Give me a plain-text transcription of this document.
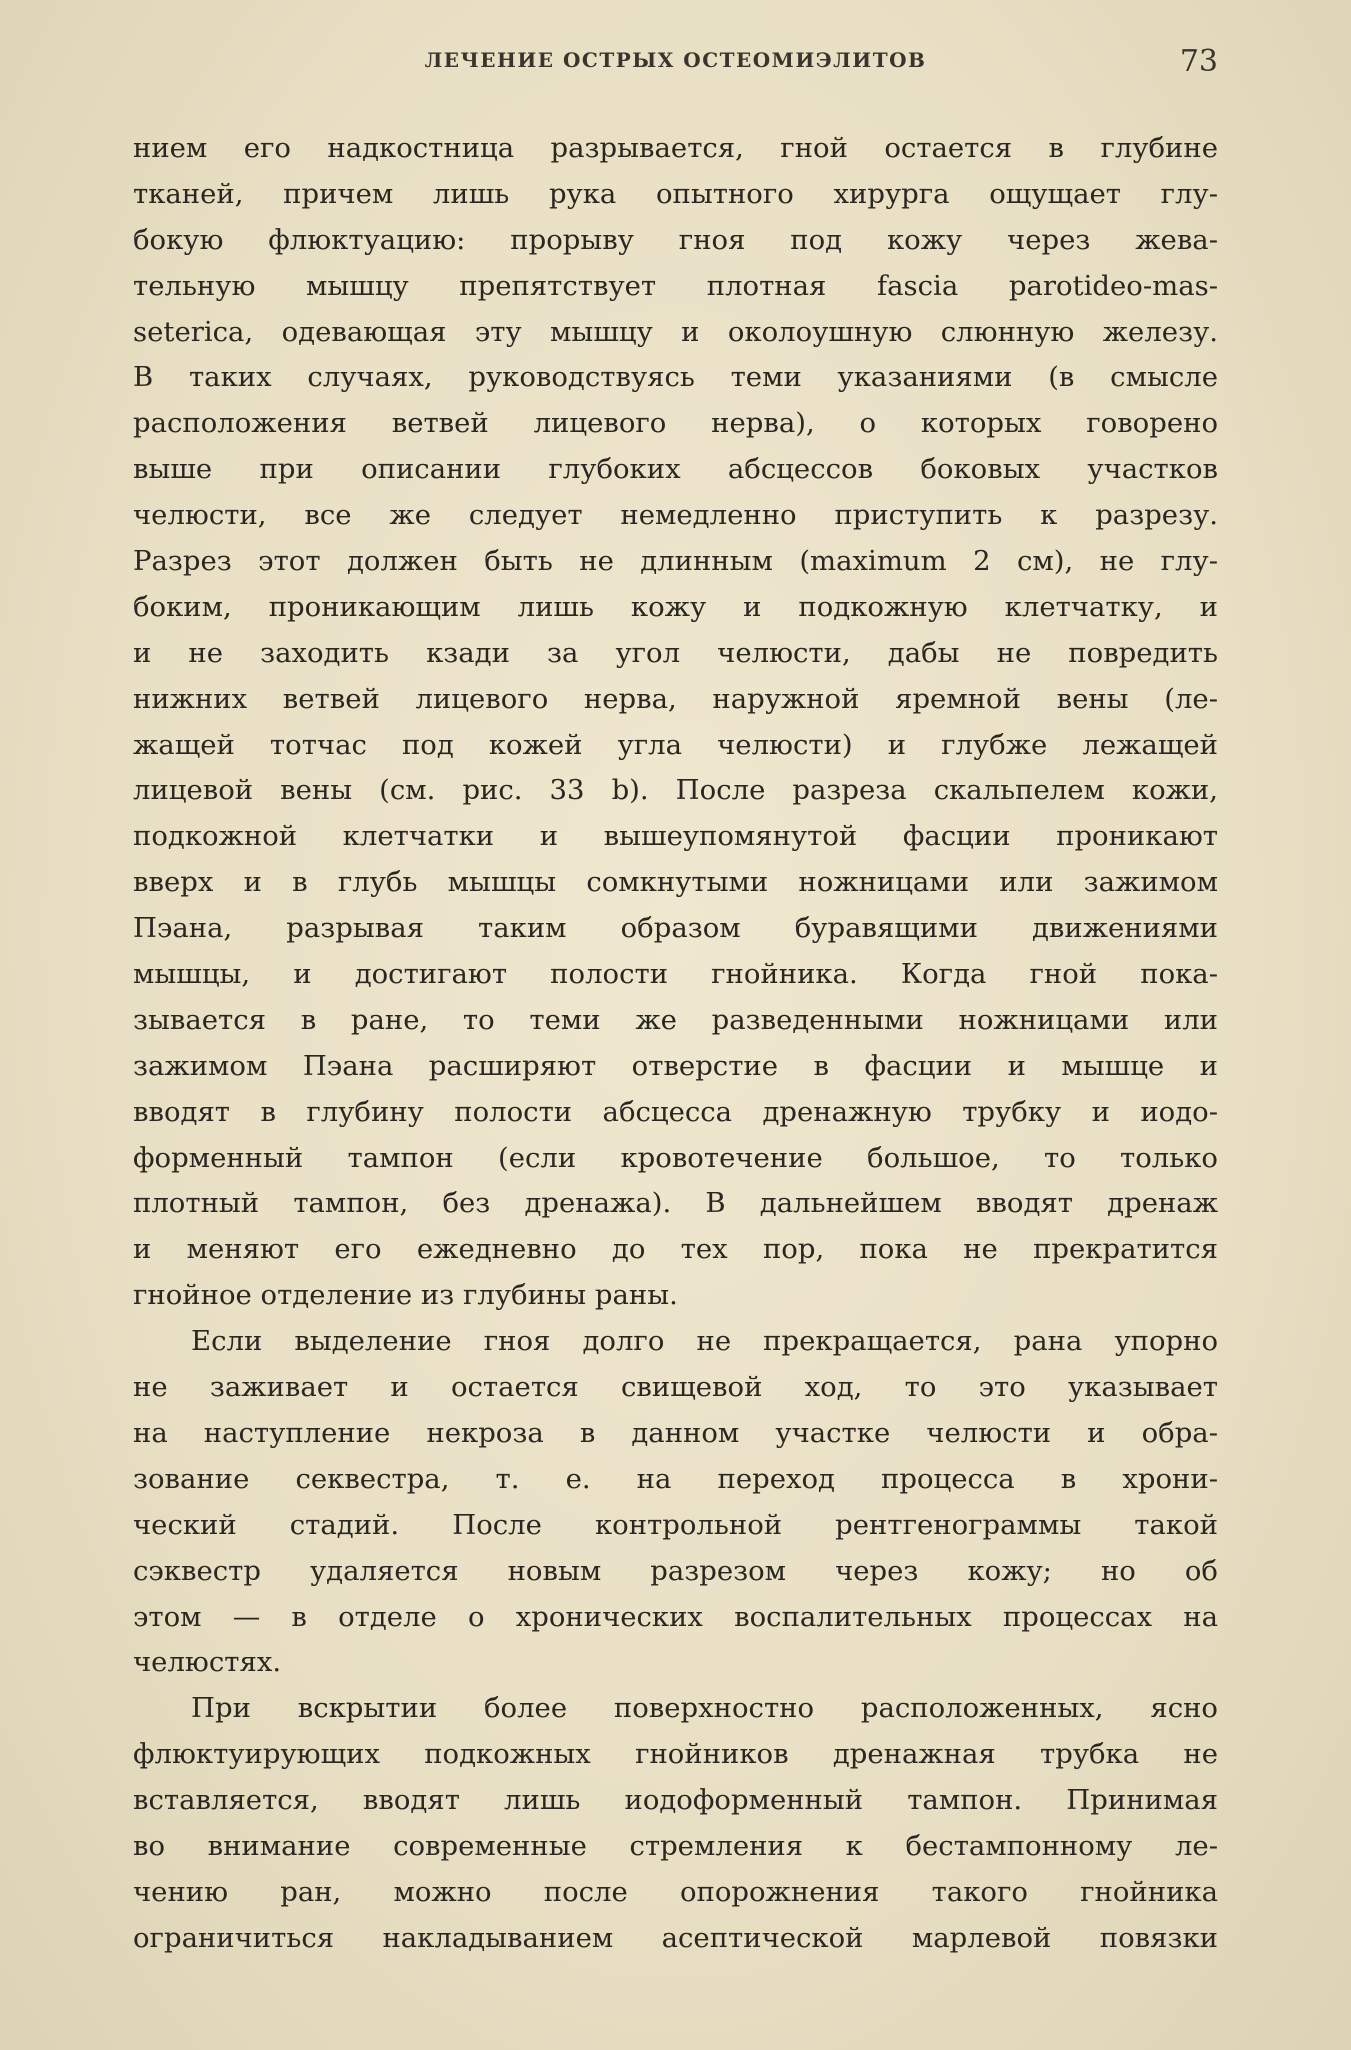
ЛЕЧЕНИЕ ОСТРЫХ ОСТЕОМИЭЛИТОВ	73
нием его надкостница разрывается, гной остается в глубине
тканей, причем лишь рука опытного хирурга ощущает глу-
бокую флюктуацию: прорыву гноя под кожу через жева-
тельную мышцу препятствует плотная fascia parotideo-mas-
seterica, одевающая эту мышцу и околоушную слюнную железу.
В таких случаях, руководствуясь теми указаниями (в смысле
расположения ветвей лицевого нерва), о которых говорено
выше при описании глубоких абсцессов боковых участков
челюсти, все же следует немедленно приступить к разрезу.
Разрез этот должен быть не длинным (maximum 2 см), не глу-
боким, проникающим лишь кожу и подкожную клетчатку, и
и не заходить кзади за угол челюсти, дабы не повредить
нижних ветвей лицевого нерва, наружной яремной вены (ле-
жащей тотчас под кожей угла челюсти) и глубже лежащей
лицевой вены (см. рис. 33 b). После разреза скальпелем кожи,
подкожной клетчатки и вышеупомянутой фасции проникают
вверх и в глубь мышцы сомкнутыми ножницами или зажимом
Пэана, разрывая таким образом буравящими движениями
мышцы, и достигают полости гнойника. Когда гной пока-
зывается в ране, то теми же разведенными ножницами или
зажимом Пэана расширяют отверстие в фасции и мышце и
вводят в глубину полости абсцесса дренажную трубку и иодо-
форменный тампон (если кровотечение большое, то только
плотный тампон, без дренажа). В дальнейшем вводят дренаж
и меняют его ежедневно до тех пор, пока не прекратится
гнойное отделение из глубины раны.
Если выделение гноя долго не прекращается, рана упорно
не заживает и остается свищевой ход, то это указывает
на наступление некроза в данном участке челюсти и обра-
зование секвестра, т. е. на переход процесса в хрони-
ческий стадий. После контрольной рентгенограммы такой
сэквестр удаляется новым разрезом через кожу; но об
этом — в отделе о хронических воспалительных процессах на
челюстях.
При вскрытии более поверхностно расположенных, ясно
флюктуирующих подкожных гнойников дренажная трубка не
вставляется, вводят лишь иодоформенный тампон. Принимая
во внимание современные стремления к бестампонному ле-
чению ран, можно после опорожнения такого гнойника
ограничиться накладыванием асептической марлевой повязки
